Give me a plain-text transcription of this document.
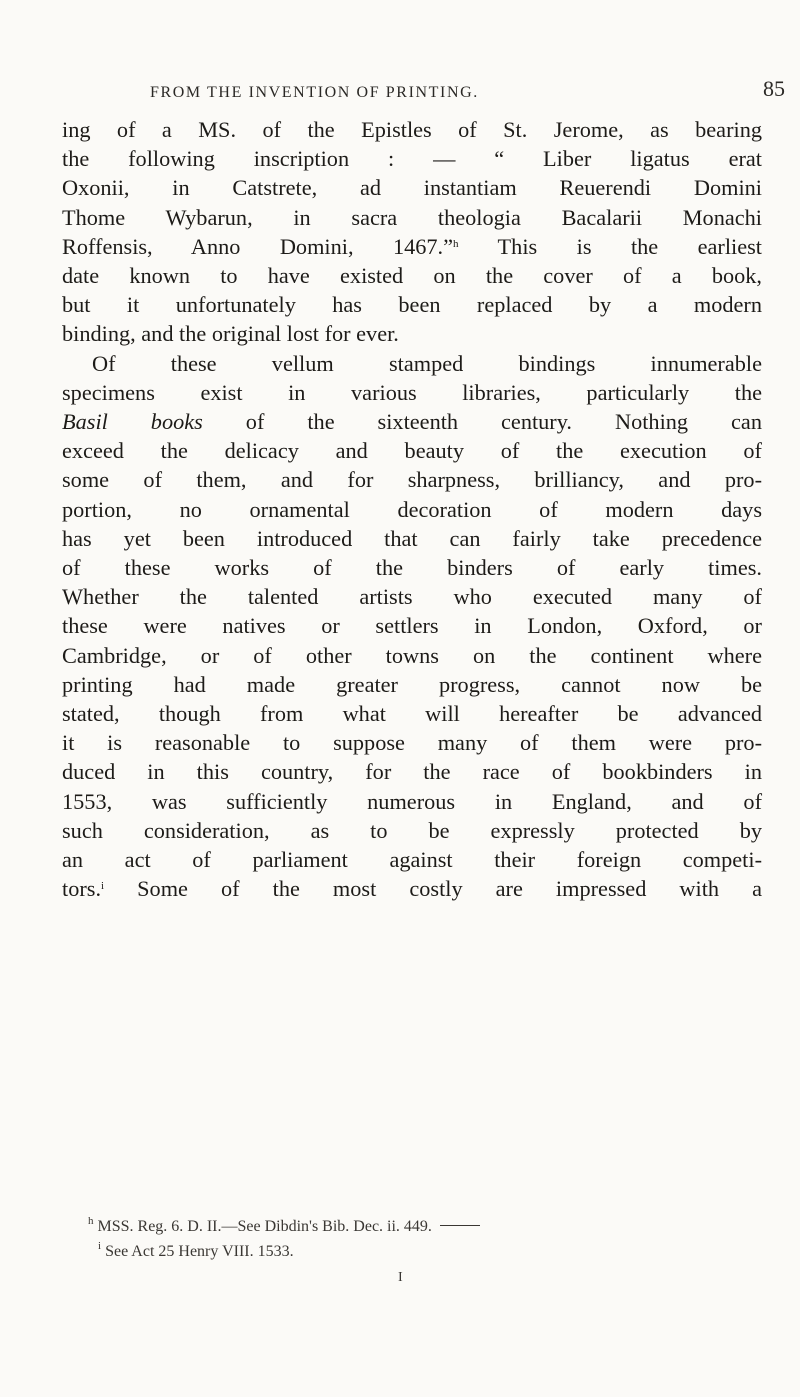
FROM THE INVENTION OF PRINTING.	85
ing of a MS. of the Epistles of St. Jerome, as bearing
the following inscription : — “ Liber ligatus erat
Oxonii, in Catstrete, ad instantiam Reuerendi Domini
Thome Wybarun, in sacra theologia Bacalarii Monachi
Roffensis, Anno Domini, 1467.”$^h$ This is the earliest
date known to have existed on the cover of a book,
but it unfortunately has been replaced by a modern
binding, and the original lost for ever.
Of these vellum stamped bindings innumerable
specimens exist in various libraries, particularly the
Basil books of the sixteenth century. Nothing can
exceed the delicacy and beauty of the execution of
some of them, and for sharpness, brilliancy, and pro-
portion, no ornamental decoration of modern days
has yet been introduced that can fairly take precedence
of these works of the binders of early times.
Whether the talented artists who executed many of
these were natives or settlers in London, Oxford, or
Cambridge, or of other towns on the continent where
printing had made greater progress, cannot now be
stated, though from what will hereafter be advanced
it is reasonable to suppose many of them were pro-
duced in this country, for the race of bookbinders in
1553, was sufficiently numerous in England, and of
such consideration, as to be expressly protected by
an act of parliament against their foreign competi-
tors.$^i$ Some of the most costly are impressed with a
$^h$ MSS. Reg. 6. D. II.—See Dibdin's Bib. Dec. ii. 449.
$^i$ See Act 25 Henry VIII. 1533.
I
